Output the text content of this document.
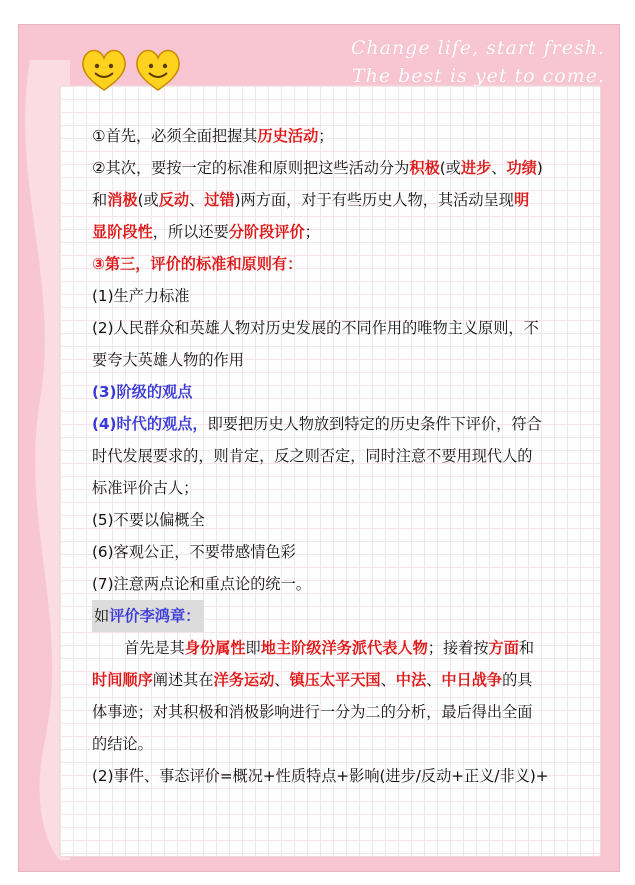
Change life, start fresh.
The best is yet to come.
①首先，必须全面把握其历史活动；
②其次，要按一定的标准和原则把这些活动分为积极(或进步、功绩)
和消极(或反动、过错)两方面，对于有些历史人物，其活动呈现明
显阶段性，所以还要分阶段评价；
③第三，评价的标准和原则有：
(1)生产力标准
(2)人民群众和英雄人物对历史发展的不同作用的唯物主义原则，不
要夸大英雄人物的作用
(3)阶级的观点
(4)时代的观点，即要把历史人物放到特定的历史条件下评价，符合
时代发展要求的，则肯定，反之则否定，同时注意不要用现代人的
标准评价古人；
(5)不要以偏概全
(6)客观公正，不要带感情色彩
(7)注意两点论和重点论的统一。
如评价李鸿章：
首先是其身份属性即地主阶级洋务派代表人物；接着按方面和
时间顺序阐述其在洋务运动、镇压太平天国、中法、中日战争的具
体事迹；对其积极和消极影响进行一分为二的分析，最后得出全面
的结论。
(2)事件、事态评价=概况+性质特点+影响(进步/反动+正义/非义)+
